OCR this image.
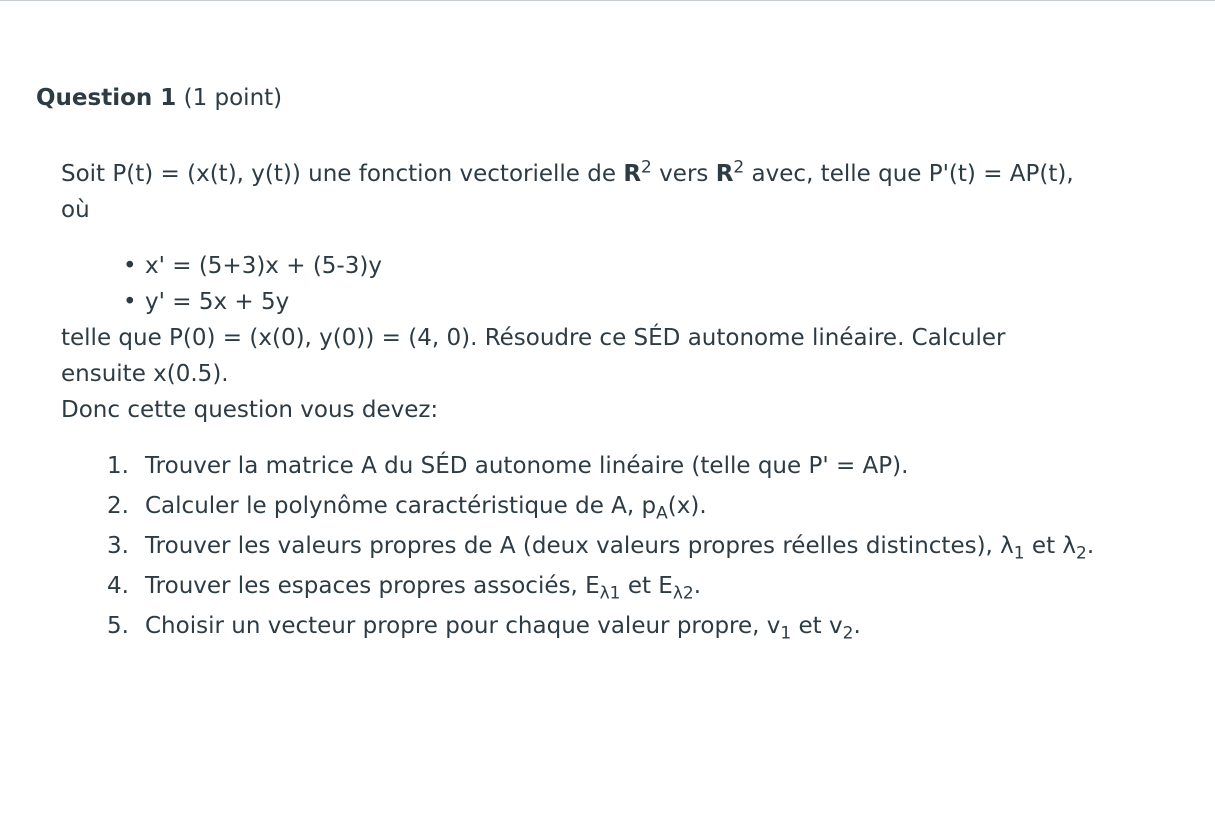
Question 1 (1 point)

Soit P(t) = (x(t), y(t)) une fonction vectorielle de $R^2$ vers $R^2$ avec, telle que P'(t) = AP(t), où

• x' = (5+3)x + (5-3)y
• y' = 5x + 5y

telle que P(0) = (x(0), y(0)) = (4, 0). Résoudre ce SÉD autonome linéaire. Calculer ensuite x(0.5).

Donc cette question vous devez:

1. Trouver la matrice A du SÉD autonome linéaire (telle que P' = AP).
2. Calculer le polynôme caractéristique de A, $p_A(x)$.
3. Trouver les valeurs propres de A (deux valeurs propres réelles distinctes), $\lambda_1$ et $\lambda_2$.
4. Trouver les espaces propres associés, $E_{\lambda 1}$ et $E_{\lambda 2}$.
5. Choisir un vecteur propre pour chaque valeur propre, $v_1$ et $v_2$.
